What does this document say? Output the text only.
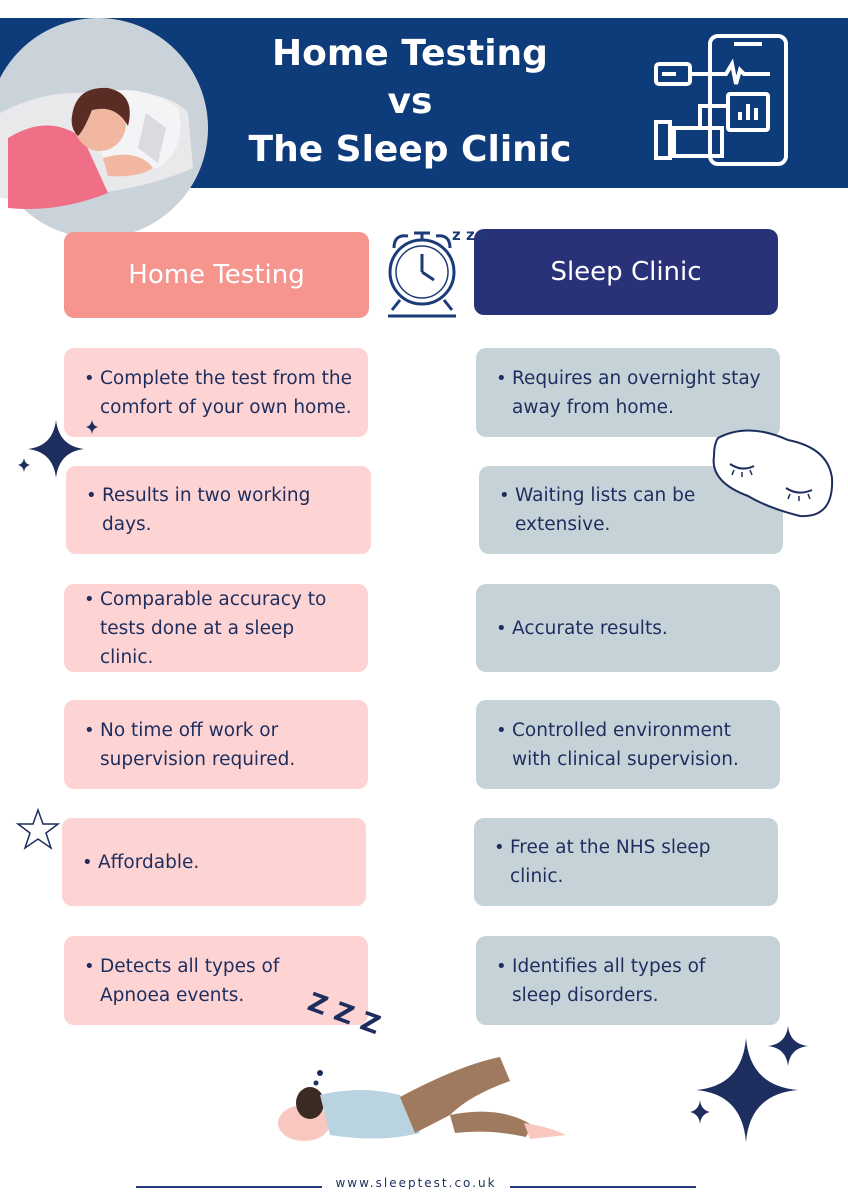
Home Testing
vs
The Sleep Clinic
Home Testing	Sleep Clinic
z z z
• Complete the test from the comfort of your own home.
• Results in two working days.
• Comparable accuracy to tests done at a sleep clinic.
• No time off work or supervision required.
• Affordable.
• Detects all types of Apnoea events.
• Requires an overnight stay away from home.
• Waiting lists can be extensive.
• Accurate results.
• Controlled environment with clinical supervision.
• Free at the NHS sleep clinic.
• Identifies all types of sleep disorders.
Z Z Z
www.sleeptest.co.uk
